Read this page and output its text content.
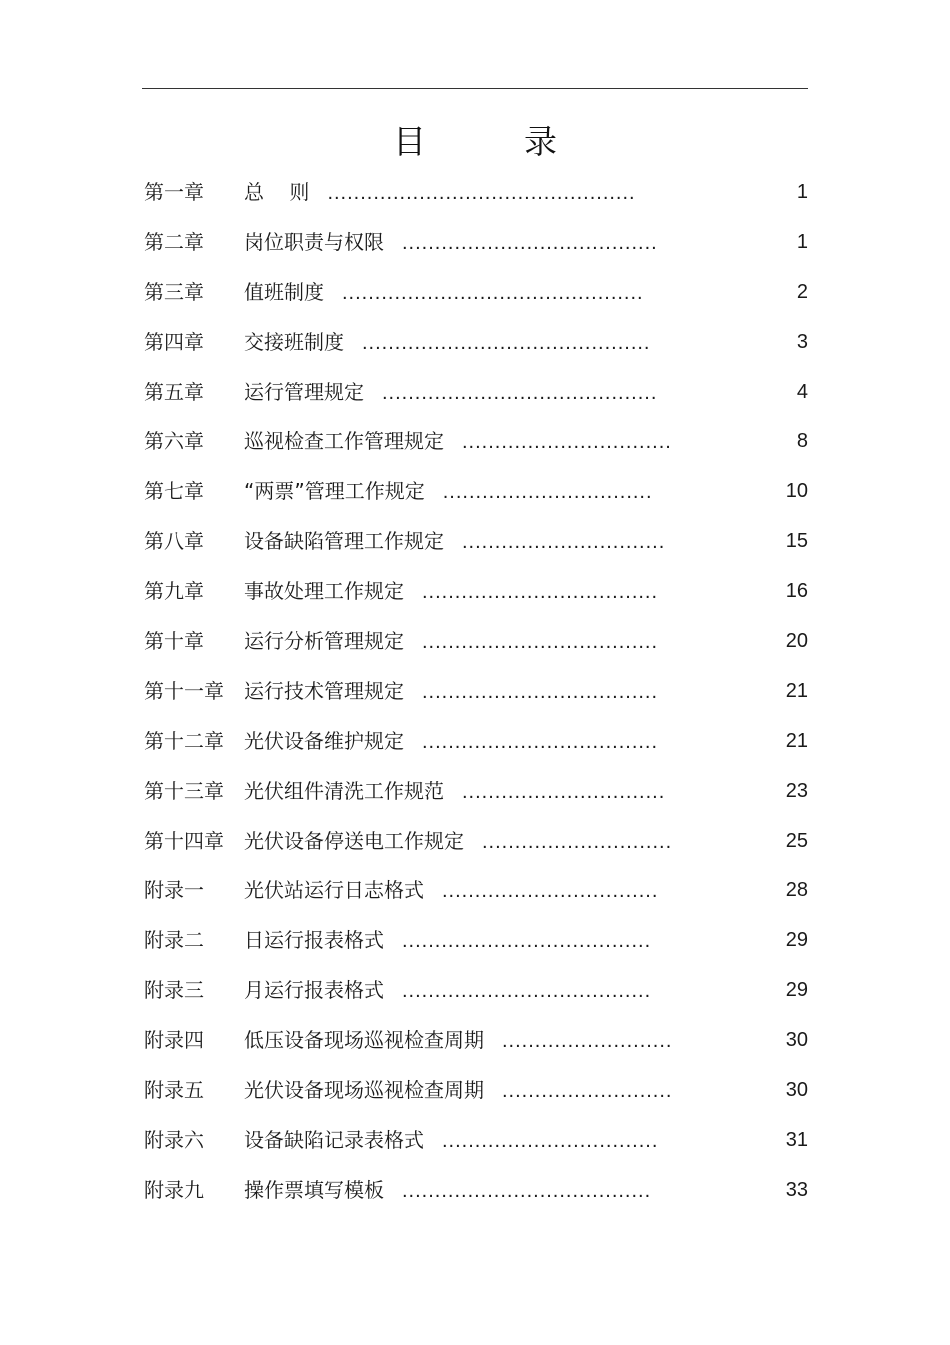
目	录
第一章 总    则 ...............................................	1
第二章 岗位职责与权限 .......................................	1
第三章 值班制度 ..............................................	2
第四章 交接班制度 ............................................	3
第五章 运行管理规定 ..........................................	4
第六章 巡视检查工作管理规定 ................................	8
第七章 “两票”管理工作规定 ................................	10
第八章 设备缺陷管理工作规定 ...............................	15
第九章 事故处理工作规定 ....................................	16
第十章 运行分析管理规定 ....................................	20
第十一章 运行技术管理规定 ....................................	21
第十二章 光伏设备维护规定 ....................................	21
第十三章 光伏组件清洗工作规范 ...............................	23
第十四章 光伏设备停送电工作规定 .............................	25
附录一 光伏站运行日志格式 .................................	28
附录二 日运行报表格式 ......................................	29
附录三 月运行报表格式 ......................................	29
附录四 低压设备现场巡视检查周期 ..........................	30
附录五 光伏设备现场巡视检查周期 ..........................	30
附录六 设备缺陷记录表格式 .................................	31
附录九 操作票填写模板 ......................................	33
